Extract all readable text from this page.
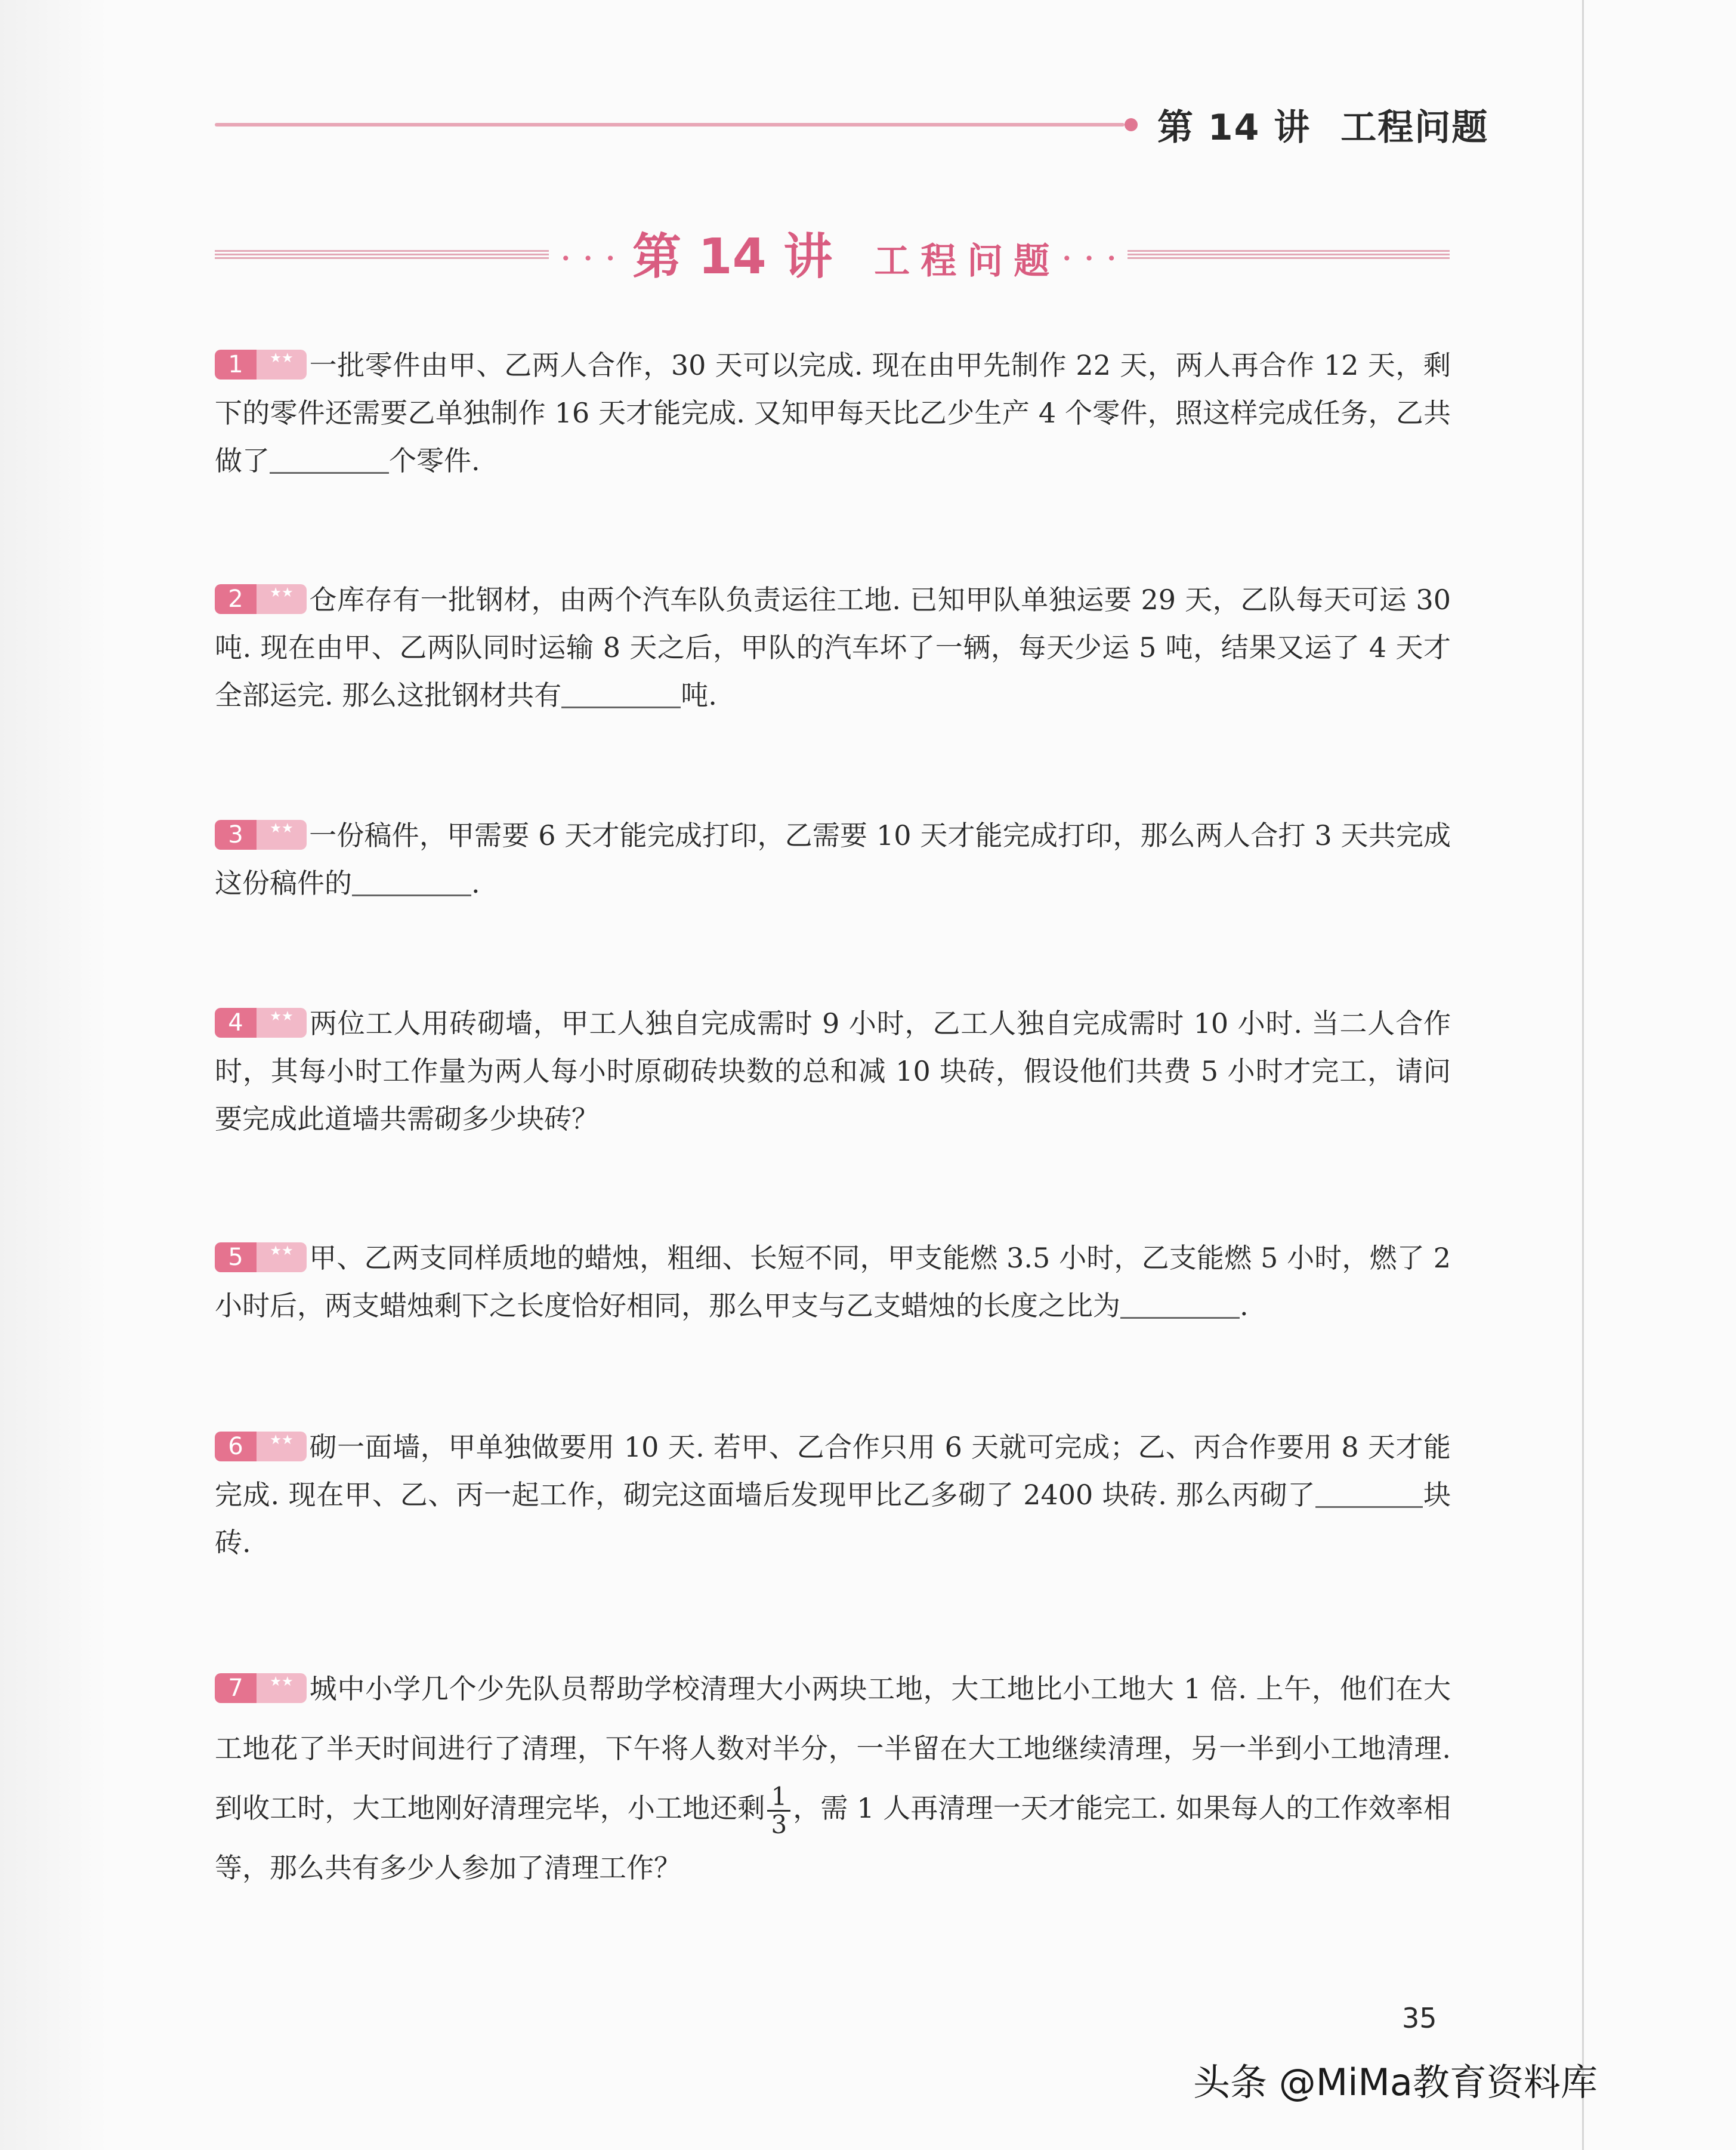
第 14 讲 工程问题
• • • 第 14 讲 工程问题 • • •

1	★★ 一批零件由甲、乙两人合作，30 天可以完成. 现在由甲先制作 22 天，两人再合作 12 天，剩下的零件还需要乙单独制作 16 天才能完成. 又知甲每天比乙少生产 4 个零件，照这样完成任务，乙共做了	个零件.

2	★★ 仓库存有一批钢材，由两个汽车队负责运往工地. 已知甲队单独运要 29 天，乙队每天可运 30 吨. 现在由甲、乙两队同时运输 8 天之后，甲队的汽车坏了一辆，每天少运 5 吨，结果又运了 4 天才全部运完. 那么这批钢材共有	吨.

3	★★ 一份稿件，甲需要 6 天才能完成打印，乙需要 10 天才能完成打印，那么两人合打 3 天共完成这份稿件的	.

4	★★ 两位工人用砖砌墙，甲工人独自完成需时 9 小时，乙工人独自完成需时 10 小时. 当二人合作时，其每小时工作量为两人每小时原砌砖块数的总和减 10 块砖，假设他们共费 5 小时才完工，请问要完成此道墙共需砌多少块砖？

5	★★ 甲、乙两支同样质地的蜡烛，粗细、长短不同，甲支能燃 3.5 小时，乙支能燃 5 小时，燃了 2 小时后，两支蜡烛剩下之长度恰好相同，那么甲支与乙支蜡烛的长度之比为	.

6	★★ 砌一面墙，甲单独做要用 10 天. 若甲、乙合作只用 6 天就可完成；乙、丙合作要用 8 天才能完成. 现在甲、乙、丙一起工作，砌完这面墙后发现甲比乙多砌了 2400 块砖. 那么丙砌了	块砖.

7	★★ 城中小学几个少先队员帮助学校清理大小两块工地，大工地比小工地大 1 倍. 上午，他们在大工地花了半天时间进行了清理，下午将人数对半分，一半留在大工地继续清理，另一半到小工地清理. 到收工时，大工地刚好清理完毕，小工地还剩 $\frac{1}{3}$ ，需 1 人再清理一天才能完工. 如果每人的工作效率相等，那么共有多少人参加了清理工作？

35
头条 @MiMa教育资料库
